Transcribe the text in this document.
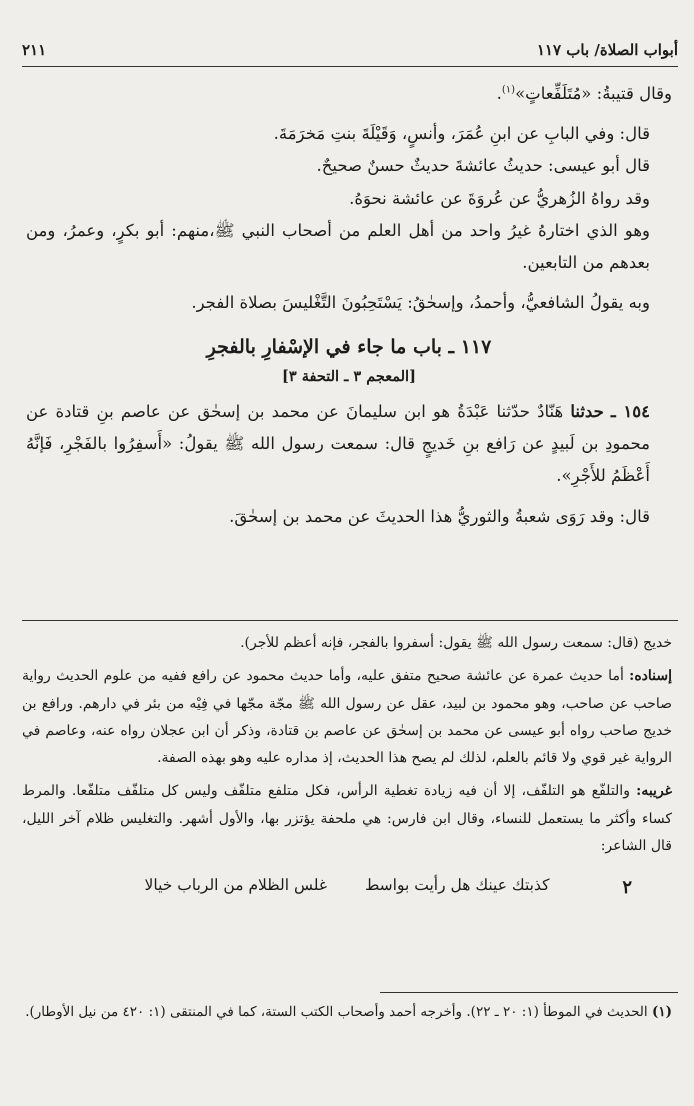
أبواب الصلاة/ باب ١١٧
٢١١

وقال قتيبةُ: «مُتَلَفِّعاتٍ»$^{(١)}$.

قال: وفي البابِ عن ابنِ عُمَرَ، وأنسٍ، وَقَيْلَةَ بنتِ مَخرَمَةَ.

قال أبو عيسى: حديثُ عائشةَ حديثٌ حسنٌ صحيحٌ.

وقد رواهُ الزُهريُّ عن عُروَةَ عن عائشة نحوَهُ.

وهو الذي اختارهُ غيرُ واحد من أهل العلم من أصحاب النبي ﷺ،منهم: أبو بكرٍ، وعمرُ، ومن بعدهم من التابعين.

وبه يقولُ الشافعيُّ، وأحمدُ، وإسحٰقُ: يَسْتَحِبُونَ التَّغْليسَ بصلاة الفجر.

١١٧ ـ باب ما جاء في الإسْفارِ بالفجرِ

[المعجم ٣ ـ التحفة ٣]

١٥٤ ـ حدثنا هَنّادٌ حدّثنا عَبْدَةُ هو ابن سليمانَ عن محمد بن إسحٰق عن عاصم بنِ قتادة عن محمودِ بن لَبيدٍ عن رَافع بنِ خَديجٍ قال: سمعت رسول الله ﷺ يقولُ: «أَسفِرُوا بالفَجْرِ، فَإنَّهُ أَعْظَمُ للأَجْرِ».

قال: وقد رَوَى شعبةُ والثوريُّ هذا الحديثَ عن محمد بن إسحٰقَ.

خديج (قال: سمعت رسول الله ﷺ يقول: أسفروا بالفجر، فإنه أعظم للأجر).

إسناده: أما حديث عمرة عن عائشة صحيح متفق عليه، وأما حديث محمود عن رافع ففيه من علوم الحديث رواية صاحب عن صاحب، وهو محمود بن لبيد، عقل عن رسول الله ﷺ مجّة مجّها في فِيْه من بئر في دارهم. ورافع بن خديج صاحب رواه أبو عيسى عن محمد بن إسحٰق عن عاصم بن قتادة، وذكر أن ابن عجلان رواه عنه، وعاصم في الرواية غير قوي ولا قائم بالعلم، لذلك لم يصح هذا الحديث، إذ مداره عليه وهو بهذه الصفة.

غريبه: والتلفّع هو التلفّف، إلا أن فيه زيادة تغطية الرأس، فكل متلفع متلفّف وليس كل متلفّف متلفّعا. والمرط كساء وأكثر ما يستعمل للنساء، وقال ابن فارس: هي ملحفة يؤتزر بها، والأول أشهر. والتغليس ظلام آخر الليل، قال الشاعر:

٢
كذبتك عينك هل رأيت بواسط
غلس الظلام من الرباب خيالا

(١) الحديث في الموطأ (١: ٢٠ ـ ٢٢). وأخرجه أحمد وأصحاب الكتب الستة، كما في المنتقى (١: ٤٢٠ من نيل الأوطار).
